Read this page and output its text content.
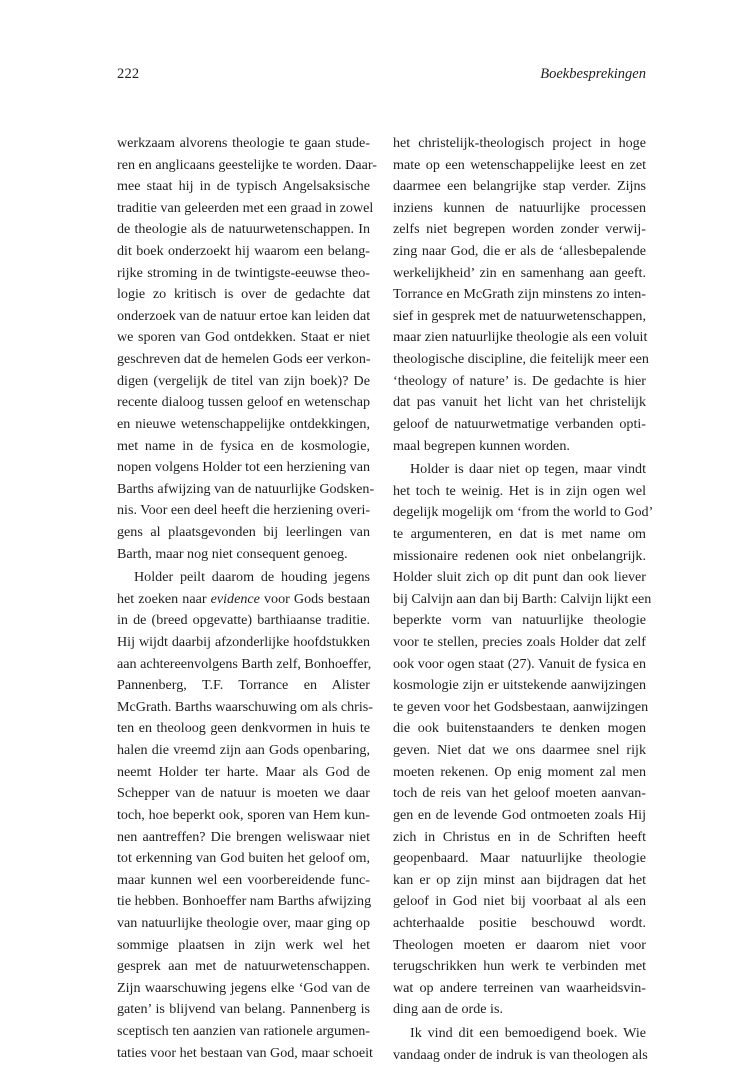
222	Boekbesprekingen
werkzaam alvorens theologie te gaan stude-
ren en anglicaans geestelijke te worden. Daar-
mee staat hij in de typisch Angelsaksische
traditie van geleerden met een graad in zowel
de theologie als de natuurwetenschappen. In
dit boek onderzoekt hij waarom een belang-
rijke stroming in de twintigste-eeuwse theo-
logie zo kritisch is over de gedachte dat
onderzoek van de natuur ertoe kan leiden dat
we sporen van God ontdekken. Staat er niet
geschreven dat de hemelen Gods eer verkon-
digen (vergelijk de titel van zijn boek)? De
recente dialoog tussen geloof en wetenschap
en nieuwe wetenschappelijke ontdekkingen,
met name in de fysica en de kosmologie,
nopen volgens Holder tot een herziening van
Barths afwijzing van de natuurlijke Godsken-
nis. Voor een deel heeft die herziening overi-
gens al plaatsgevonden bij leerlingen van
Barth, maar nog niet consequent genoeg.
Holder peilt daarom de houding jegens
het zoeken naar evidence voor Gods bestaan
in de (breed opgevatte) barthiaanse traditie.
Hij wijdt daarbij afzonderlijke hoofdstukken
aan achtereenvolgens Barth zelf, Bonhoeffer,
Pannenberg, T.F. Torrance en Alister
McGrath. Barths waarschuwing om als chris-
ten en theoloog geen denkvormen in huis te
halen die vreemd zijn aan Gods openbaring,
neemt Holder ter harte. Maar als God de
Schepper van de natuur is moeten we daar
toch, hoe beperkt ook, sporen van Hem kun-
nen aantreffen? Die brengen weliswaar niet
tot erkenning van God buiten het geloof om,
maar kunnen wel een voorbereidende func-
tie hebben. Bonhoeffer nam Barths afwijzing
van natuurlijke theologie over, maar ging op
sommige plaatsen in zijn werk wel het
gesprek aan met de natuurwetenschappen.
Zijn waarschuwing jegens elke ‘God van de
gaten’ is blijvend van belang. Pannenberg is
sceptisch ten aanzien van rationele argumen-
taties voor het bestaan van God, maar schoeit
het christelijk-theologisch project in hoge
mate op een wetenschappelijke leest en zet
daarmee een belangrijke stap verder. Zijns
inziens kunnen de natuurlijke processen
zelfs niet begrepen worden zonder verwij-
zing naar God, die er als de ‘allesbepalende
werkelijkheid’ zin en samenhang aan geeft.
Torrance en McGrath zijn minstens zo inten-
sief in gesprek met de natuurwetenschappen,
maar zien natuurlijke theologie als een voluit
theologische discipline, die feitelijk meer een
‘theology of nature’ is. De gedachte is hier
dat pas vanuit het licht van het christelijk
geloof de natuurwetmatige verbanden opti-
maal begrepen kunnen worden.
Holder is daar niet op tegen, maar vindt
het toch te weinig. Het is in zijn ogen wel
degelijk mogelijk om ‘from the world to God’
te argumenteren, en dat is met name om
missionaire redenen ook niet onbelangrijk.
Holder sluit zich op dit punt dan ook liever
bij Calvijn aan dan bij Barth: Calvijn lijkt een
beperkte vorm van natuurlijke theologie
voor te stellen, precies zoals Holder dat zelf
ook voor ogen staat (27). Vanuit de fysica en
kosmologie zijn er uitstekende aanwijzingen
te geven voor het Godsbestaan, aanwijzingen
die ook buitenstaanders te denken mogen
geven. Niet dat we ons daarmee snel rijk
moeten rekenen. Op enig moment zal men
toch de reis van het geloof moeten aanvan-
gen en de levende God ontmoeten zoals Hij
zich in Christus en in de Schriften heeft
geopenbaard. Maar natuurlijke theologie
kan er op zijn minst aan bijdragen dat het
geloof in God niet bij voorbaat al als een
achterhaalde positie beschouwd wordt.
Theologen moeten er daarom niet voor
terugschrikken hun werk te verbinden met
wat op andere terreinen van waarheidsvin-
ding aan de orde is.
Ik vind dit een bemoedigend boek. Wie
vandaag onder de indruk is van theologen als
